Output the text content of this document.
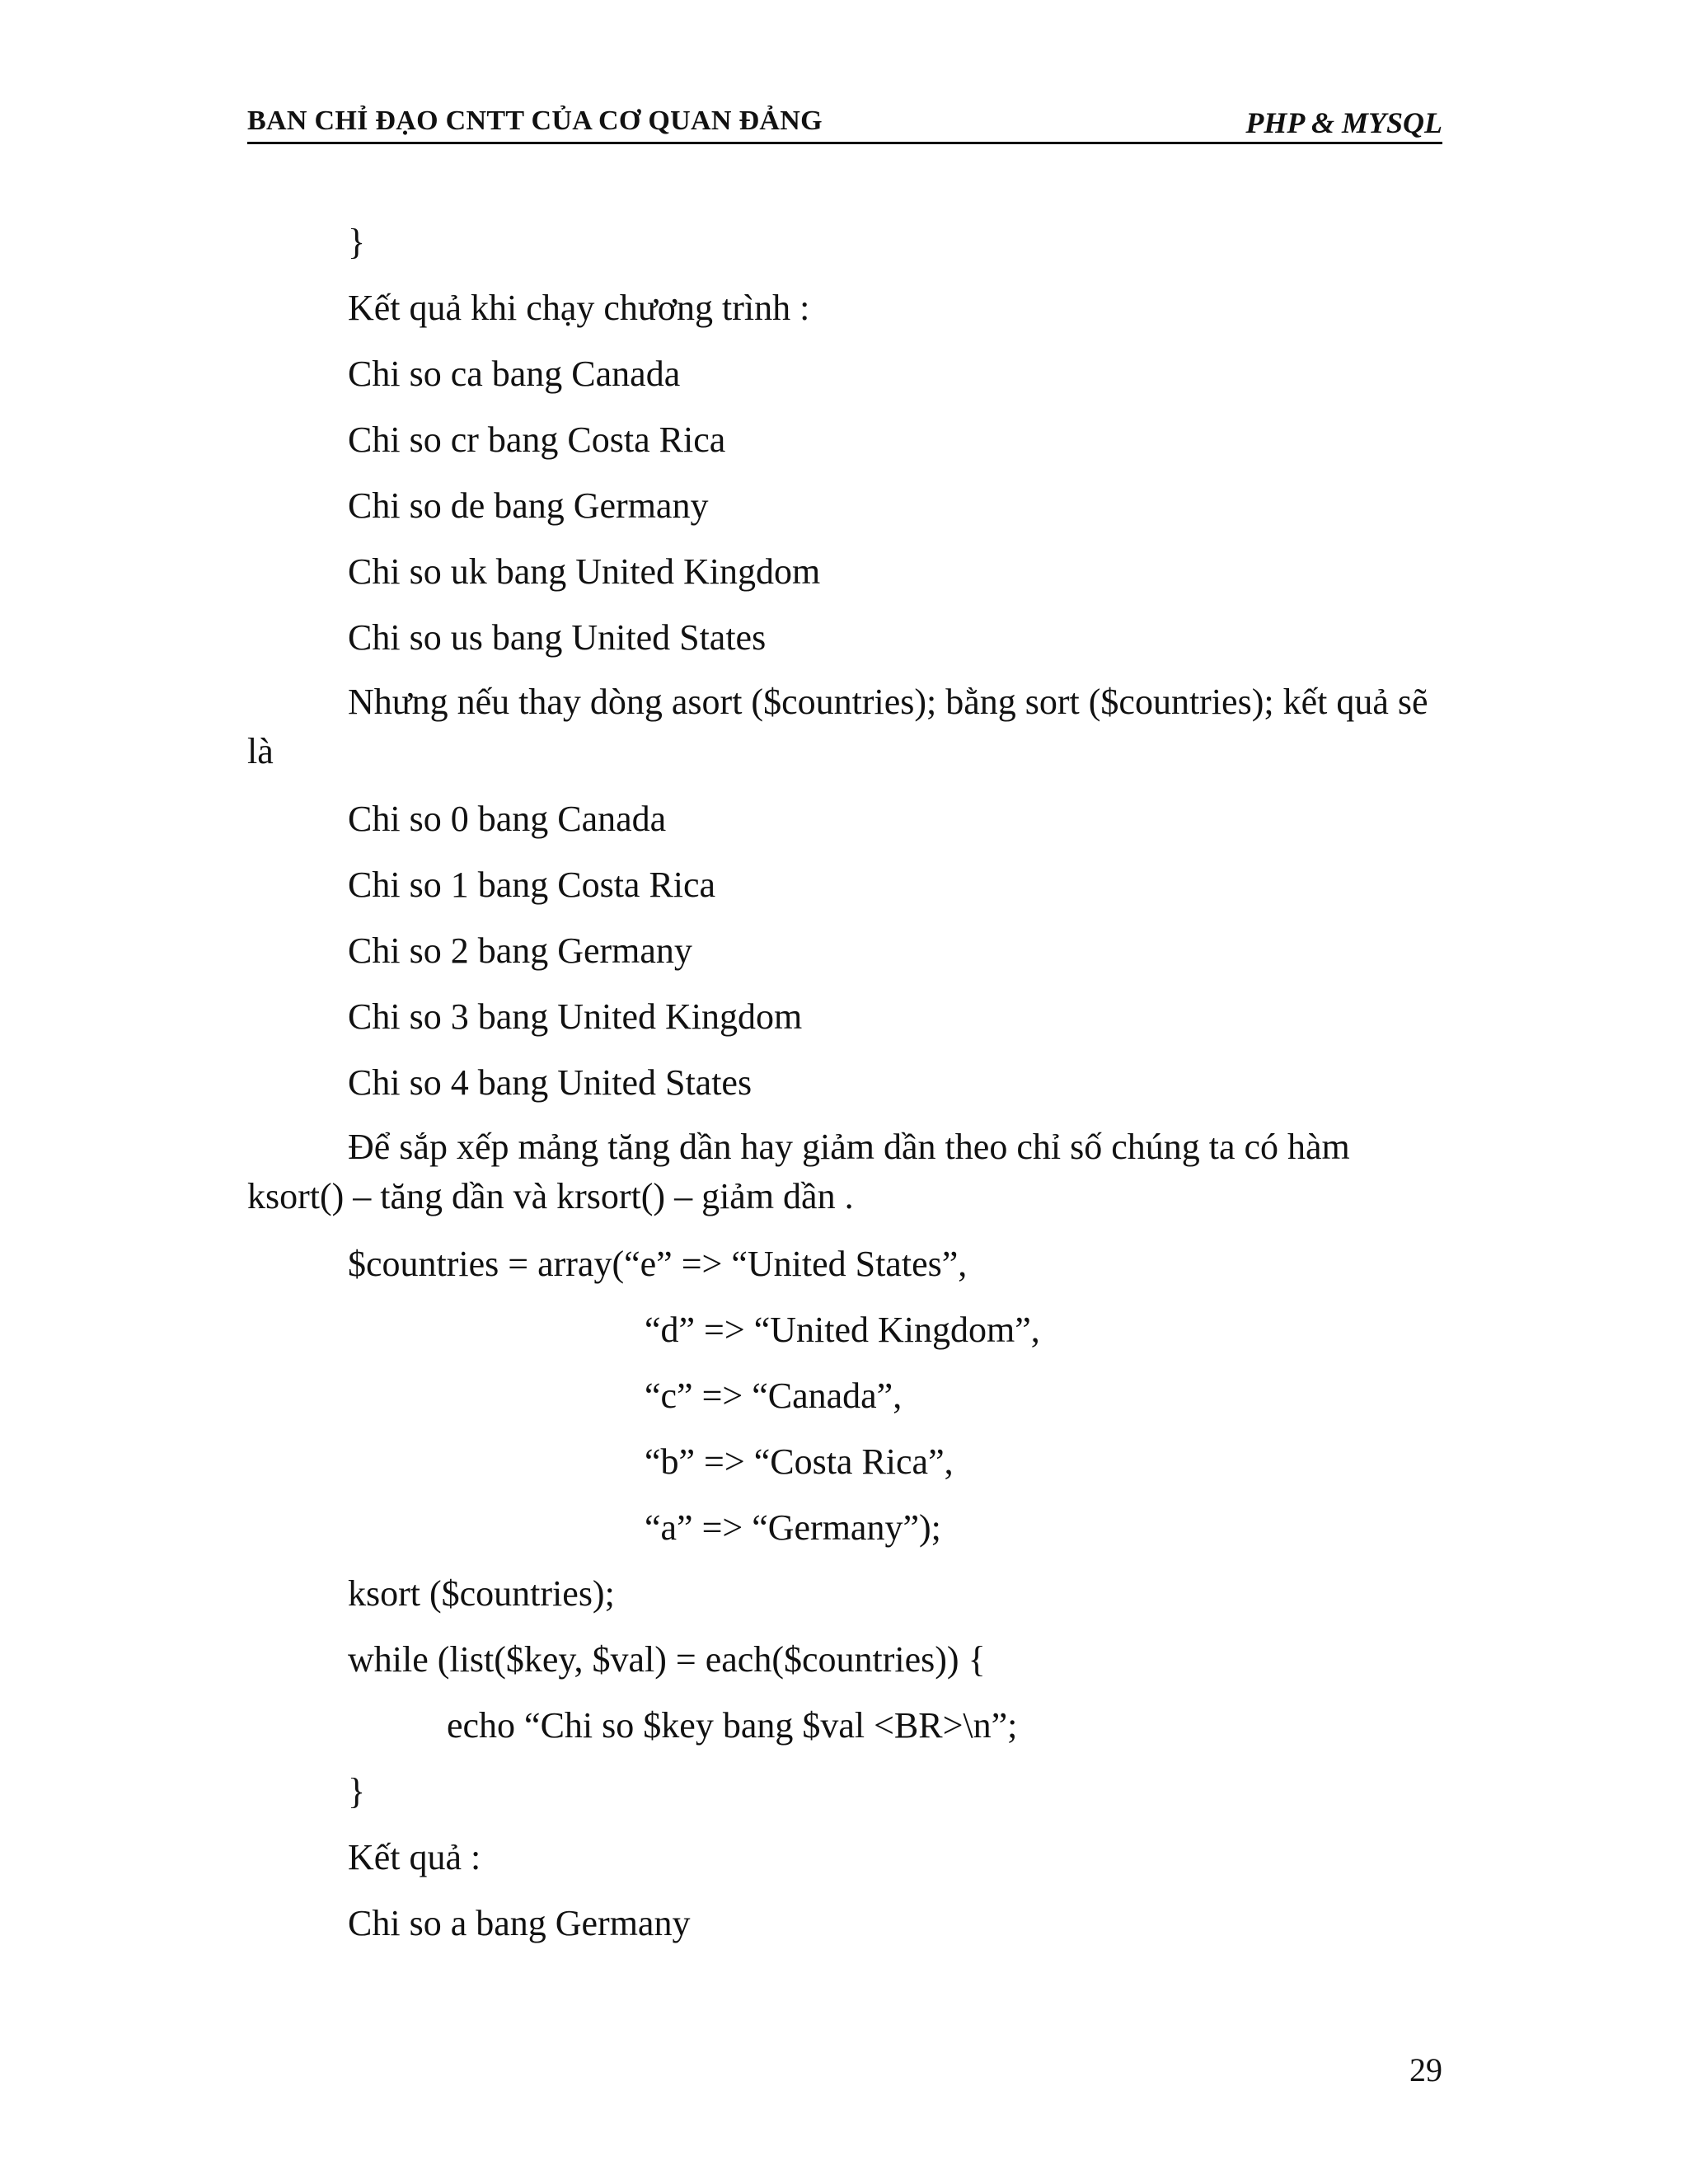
BAN CHỈ ĐẠO CNTT CỦA CƠ QUAN ĐẢNG	PHP & MYSQL
}
Kết quả khi chạy chương trình :
Chi so ca bang Canada
Chi so cr bang Costa Rica
Chi so de bang Germany
Chi so uk bang United Kingdom
Chi so us bang United States
Nhưng nếu thay dòng asort ($countries); bằng sort ($countries); kết quả sẽ là
Chi so 0 bang Canada
Chi so 1 bang Costa Rica
Chi so 2 bang Germany
Chi so 3 bang United Kingdom
Chi so 4 bang United States
Để sắp xếp mảng tăng dần hay giảm dần theo chỉ số chúng ta có hàm ksort() – tăng dần và krsort() – giảm dần .
$countries = array(“e” => “United States”,
“d” => “United Kingdom”,
“c” => “Canada”,
“b” => “Costa Rica”,
“a” => “Germany”);
ksort ($countries);
while (list($key, $val) = each($countries)) {
echo “Chi so $key bang $val <BR>\n”;
}
Kết quả :
Chi so a bang Germany
29
